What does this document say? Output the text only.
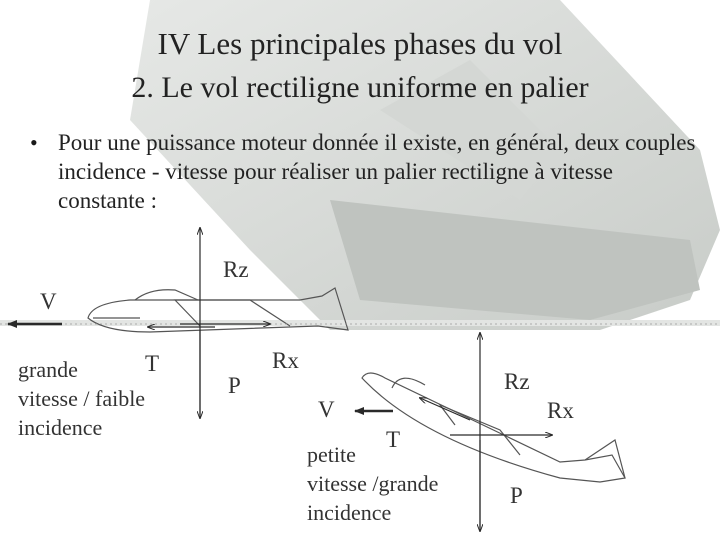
IV Les principales phases du vol
2. Le vol rectiligne uniforme en palier
• Pour une puissance moteur donnée il existe, en général, deux couples incidence - vitesse pour réaliser un palier rectiligne à vitesse constante :
V
Rz
T	Rx
P
grande
vitesse / faible
incidence
V
Rz
T
Rx
P
petite
vitesse /grande
incidence
